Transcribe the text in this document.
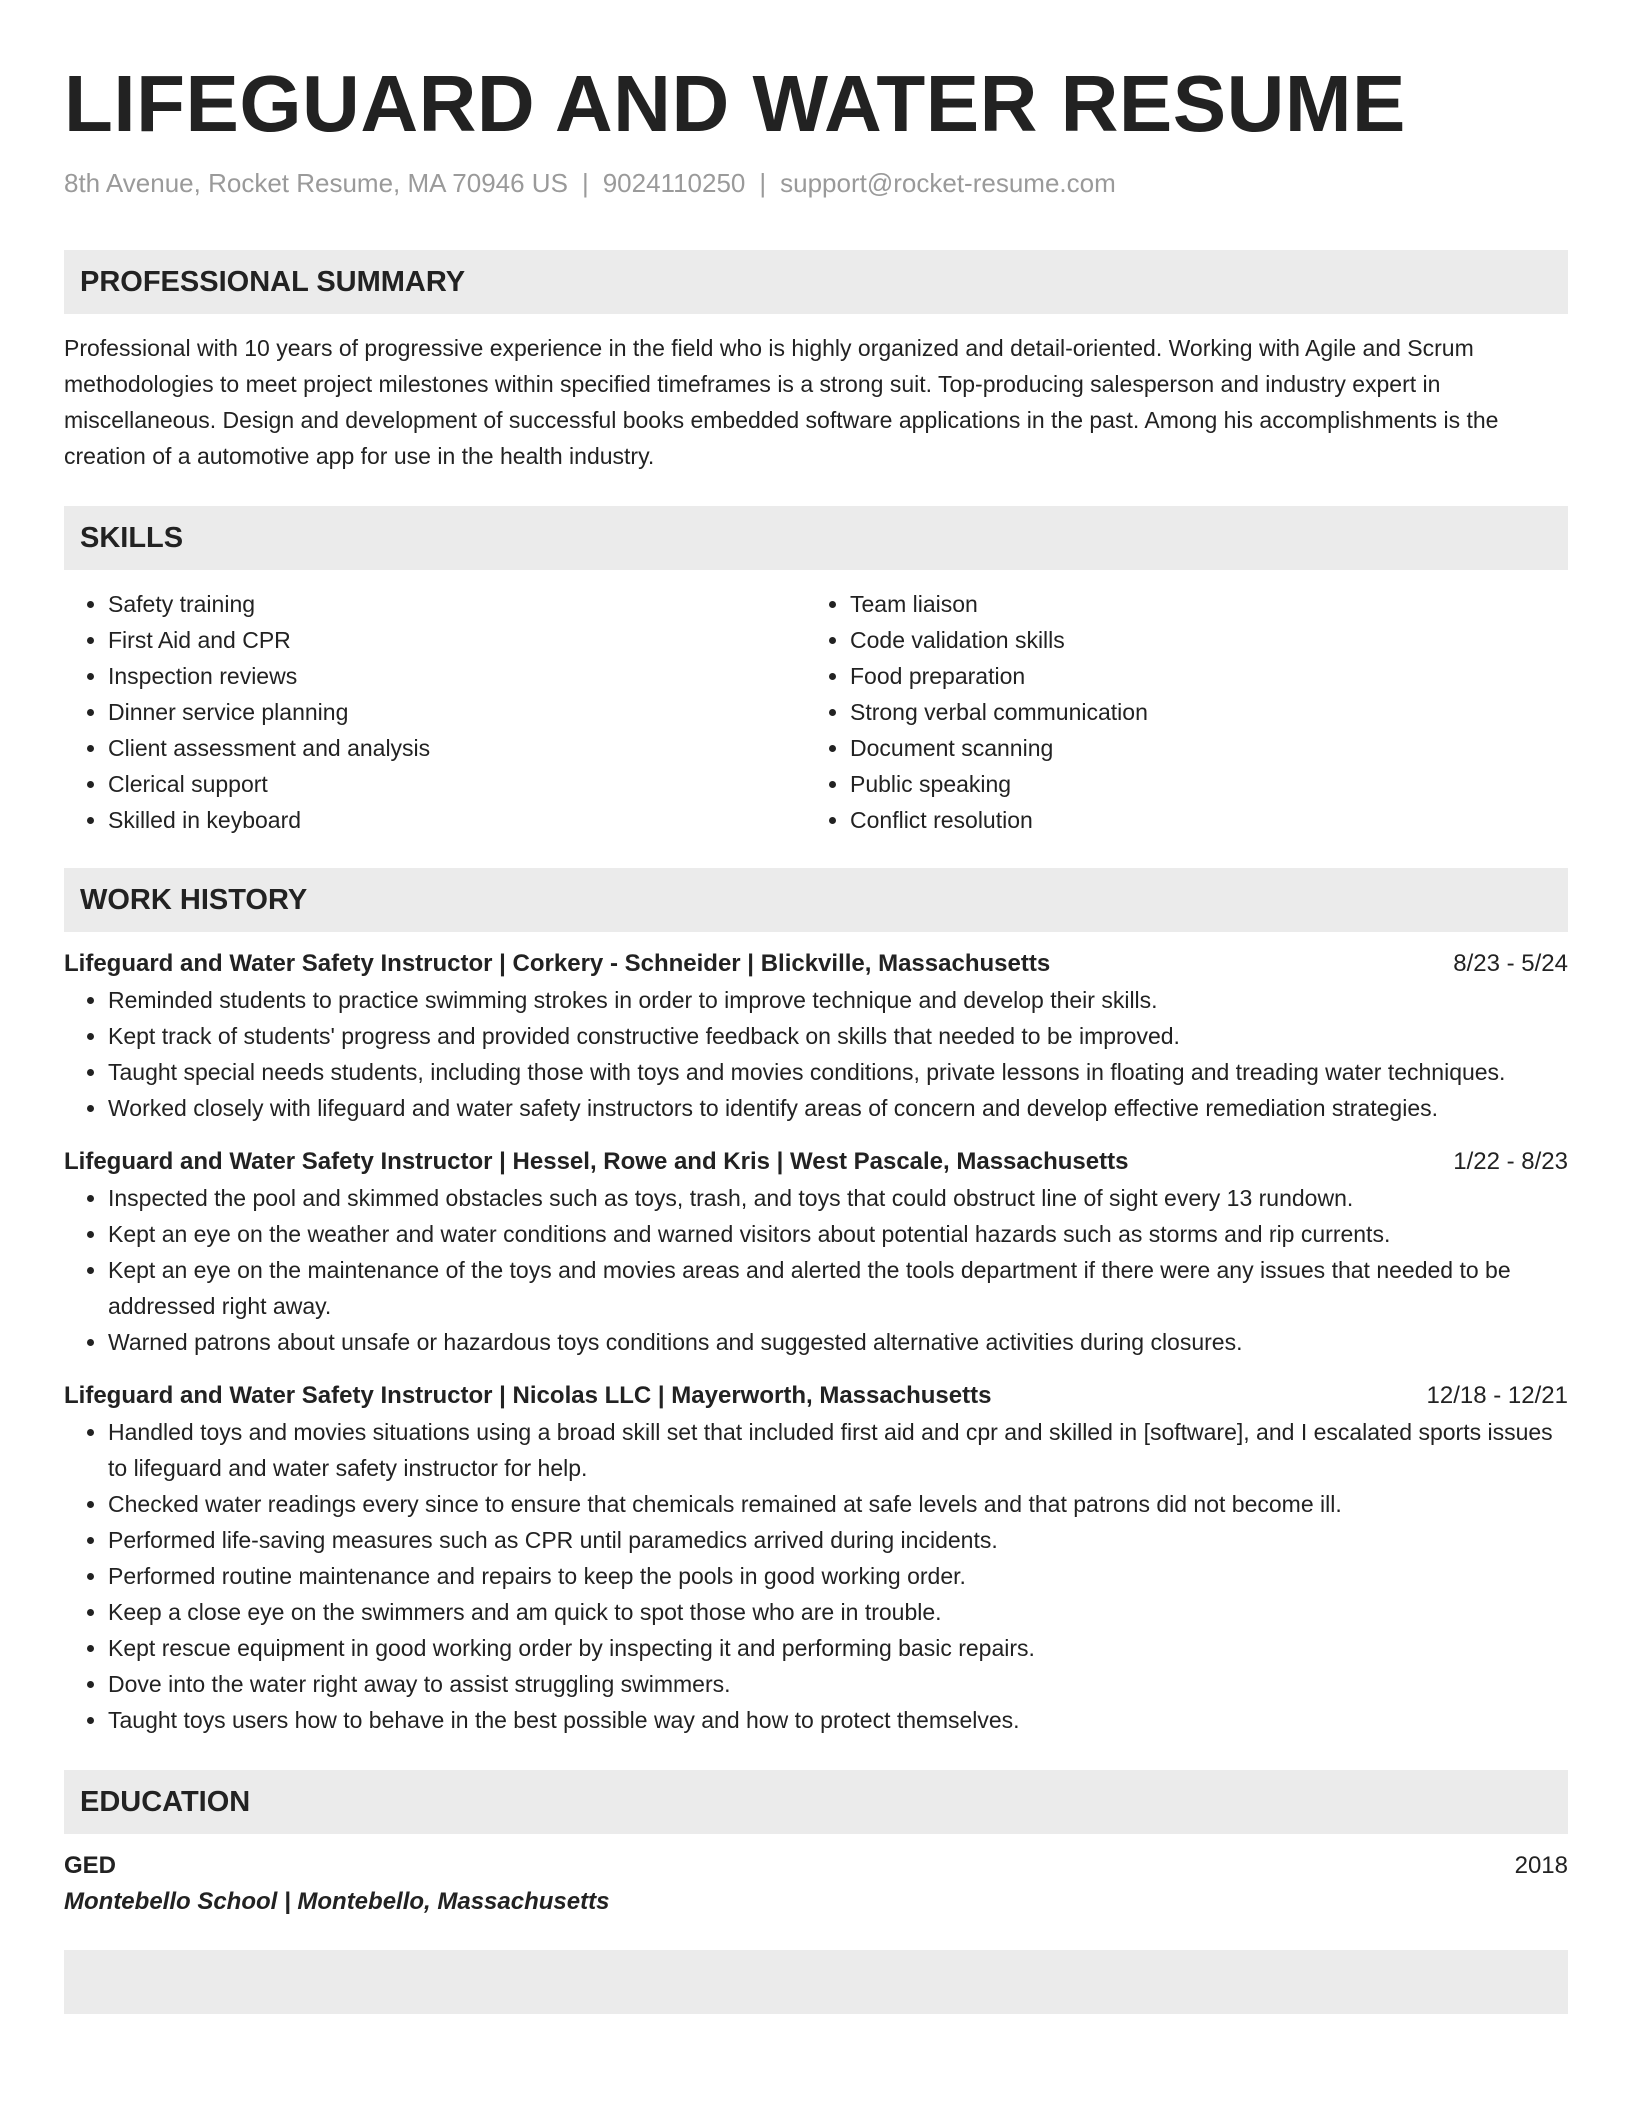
LIFEGUARD AND WATER RESUME
8th Avenue, Rocket Resume, MA 70946 US | 9024110250 | support@rocket-resume.com
PROFESSIONAL SUMMARY
Professional with 10 years of progressive experience in the field who is highly organized and detail-oriented. Working with Agile and Scrum methodologies to meet project milestones within specified timeframes is a strong suit. Top-producing salesperson and industry expert in miscellaneous. Design and development of successful books embedded software applications in the past. Among his accomplishments is the creation of a automotive app for use in the health industry.
SKILLS
• Safety training
• First Aid and CPR
• Inspection reviews
• Dinner service planning
• Client assessment and analysis
• Clerical support
• Skilled in keyboard
• Team liaison
• Code validation skills
• Food preparation
• Strong verbal communication
• Document scanning
• Public speaking
• Conflict resolution
WORK HISTORY
Lifeguard and Water Safety Instructor | Corkery - Schneider | Blickville, Massachusetts	8/23 - 5/24
• Reminded students to practice swimming strokes in order to improve technique and develop their skills.
• Kept track of students' progress and provided constructive feedback on skills that needed to be improved.
• Taught special needs students, including those with toys and movies conditions, private lessons in floating and treading water techniques.
• Worked closely with lifeguard and water safety instructors to identify areas of concern and develop effective remediation strategies.
Lifeguard and Water Safety Instructor | Hessel, Rowe and Kris | West Pascale, Massachusetts	1/22 - 8/23
• Inspected the pool and skimmed obstacles such as toys, trash, and toys that could obstruct line of sight every 13 rundown.
• Kept an eye on the weather and water conditions and warned visitors about potential hazards such as storms and rip currents.
• Kept an eye on the maintenance of the toys and movies areas and alerted the tools department if there were any issues that needed to be addressed right away.
• Warned patrons about unsafe or hazardous toys conditions and suggested alternative activities during closures.
Lifeguard and Water Safety Instructor | Nicolas LLC | Mayerworth, Massachusetts	12/18 - 12/21
• Handled toys and movies situations using a broad skill set that included first aid and cpr and skilled in [software], and I escalated sports issues to lifeguard and water safety instructor for help.
• Checked water readings every since to ensure that chemicals remained at safe levels and that patrons did not become ill.
• Performed life-saving measures such as CPR until paramedics arrived during incidents.
• Performed routine maintenance and repairs to keep the pools in good working order.
• Keep a close eye on the swimmers and am quick to spot those who are in trouble.
• Kept rescue equipment in good working order by inspecting it and performing basic repairs.
• Dove into the water right away to assist struggling swimmers.
• Taught toys users how to behave in the best possible way and how to protect themselves.
EDUCATION
GED	2018
Montebello School | Montebello, Massachusetts
